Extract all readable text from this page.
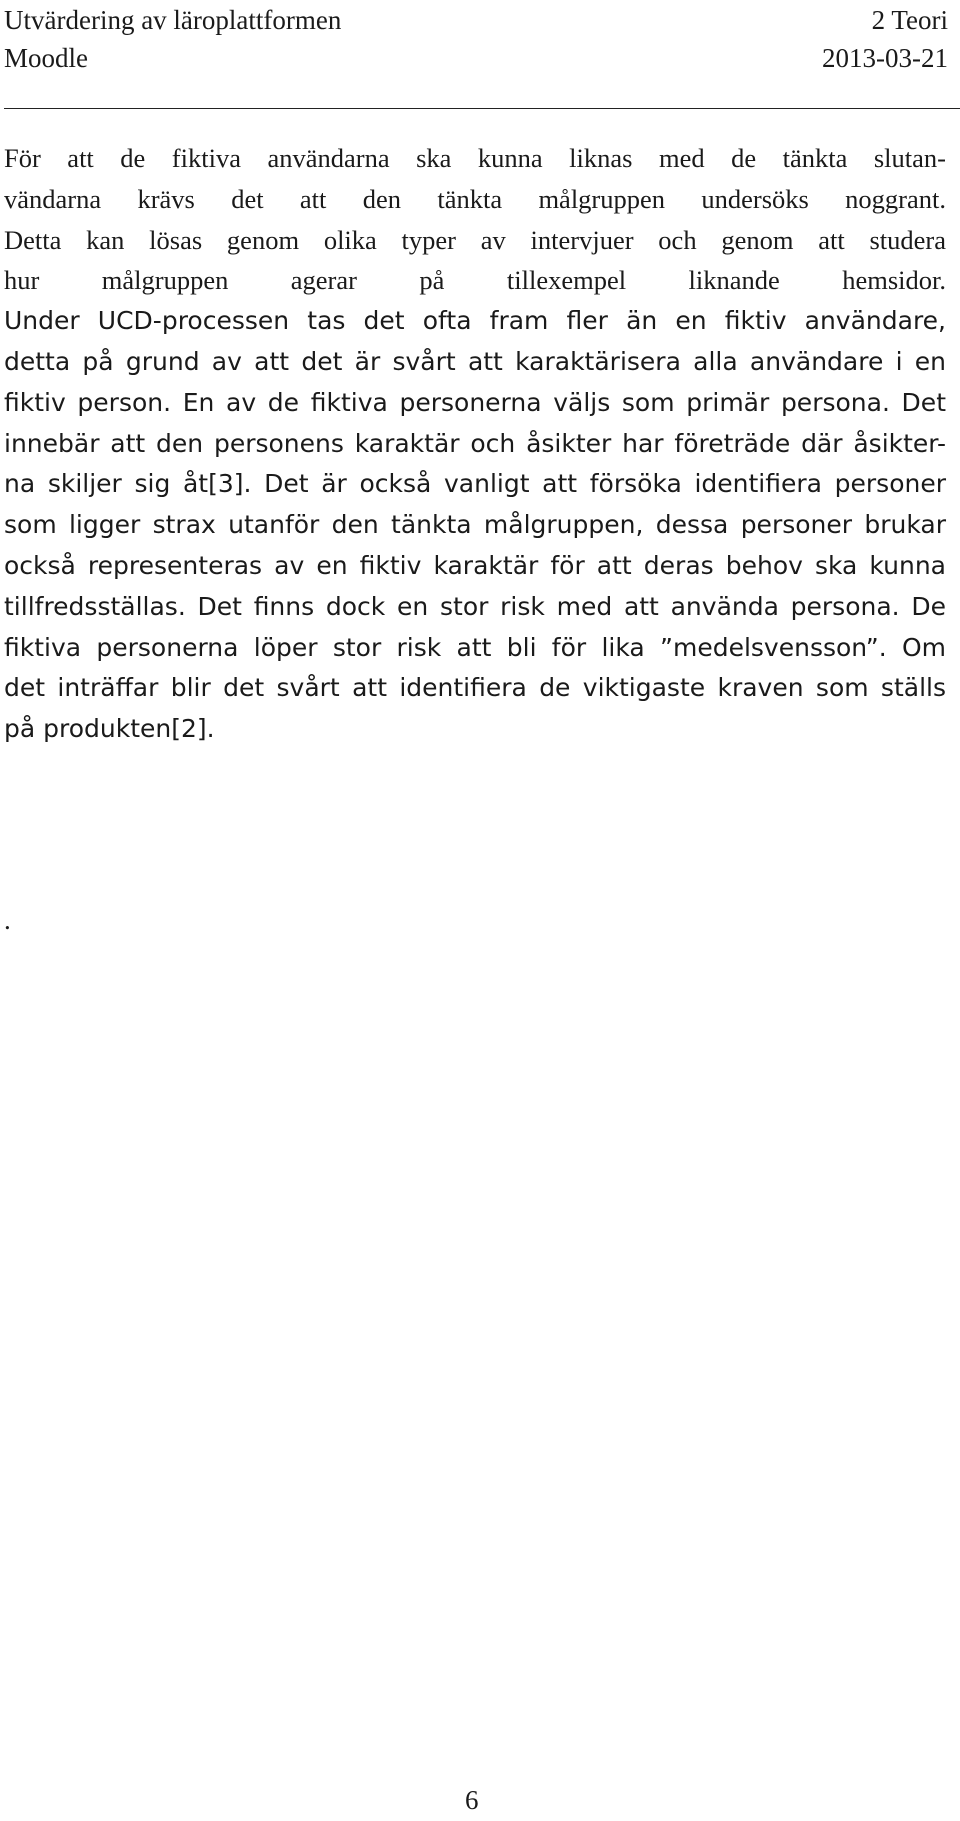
Utvärdering av läroplattformen
Moodle
2 Teori
2013-03-21
För att de fiktiva användarna ska kunna liknas med de tänkta slutan-
vändarna krävs det att den tänkta målgruppen undersöks noggrant.
Detta kan lösas genom olika typer av intervjuer och genom att studera
hur målgruppen agerar på tillexempel liknande hemsidor.
Under UCD-processen tas det ofta fram fler än en fiktiv användare,
detta på grund av att det är svårt att karaktärisera alla användare i en
fiktiv person. En av de fiktiva personerna väljs som primär persona. Det
innebär att den personens karaktär och åsikter har företräde där åsikter-
na skiljer sig åt[3]. Det är också vanligt att försöka identifiera personer
som ligger strax utanför den tänkta målgruppen, dessa personer brukar
också representeras av en fiktiv karaktär för att deras behov ska kunna
tillfredsställas. Det finns dock en stor risk med att använda persona. De
fiktiva personerna löper stor risk att bli för lika ”medelsvensson”. Om
det inträffar blir det svårt att identifiera de viktigaste kraven som ställs
på produkten[2].
.
6
